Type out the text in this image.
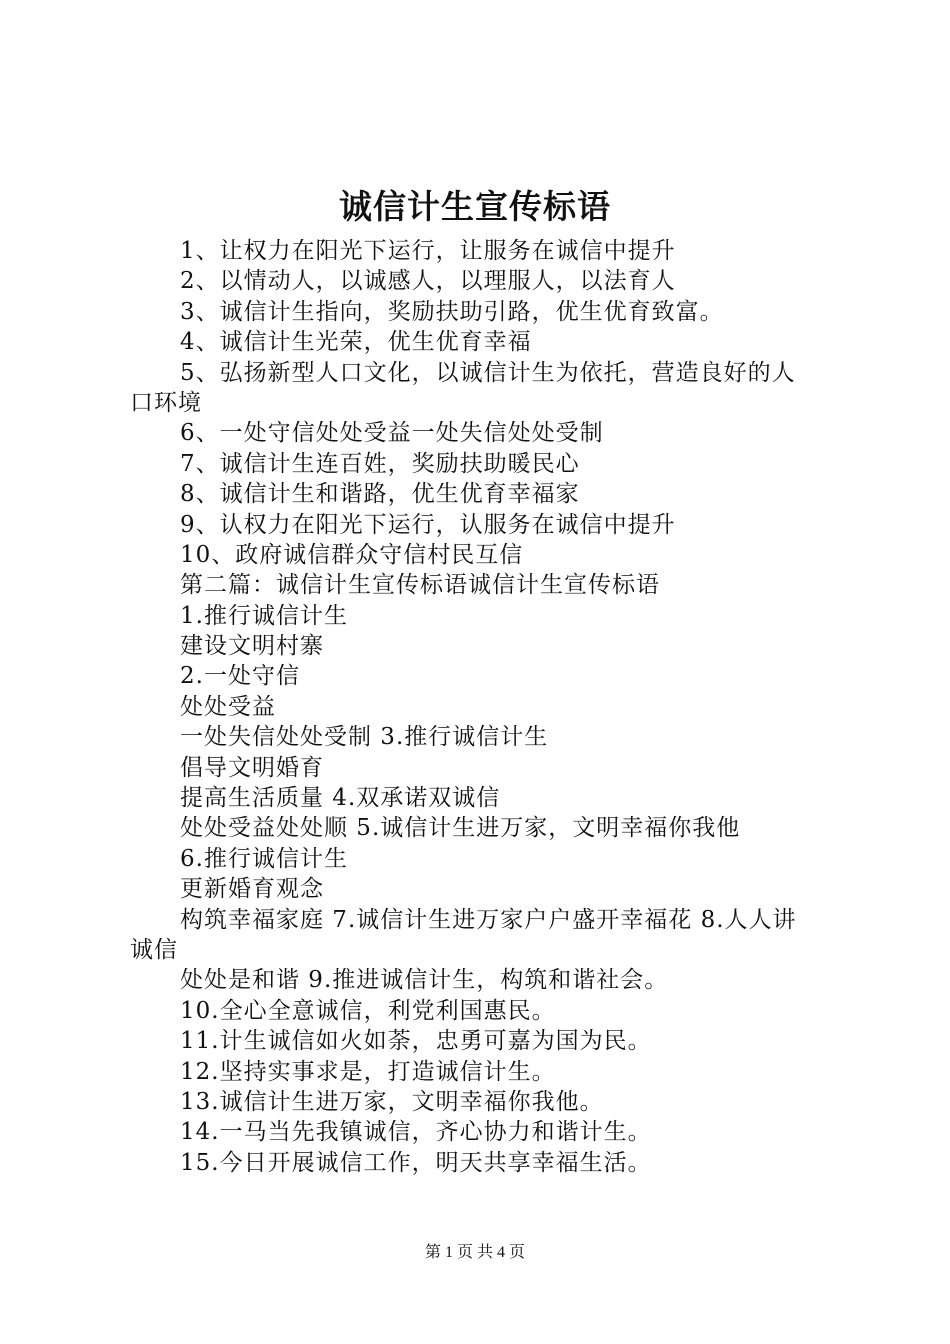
诚信计生宣传标语
1、让权力在阳光下运行，让服务在诚信中提升
2、以情动人，以诚感人，以理服人，以法育人
3、诚信计生指向，奖励扶助引路，优生优育致富。
4、诚信计生光荣，优生优育幸福
5、弘扬新型人口文化，以诚信计生为依托，营造良好的人
口环境
6、一处守信处处受益一处失信处处受制
7、诚信计生连百姓，奖励扶助暖民心
8、诚信计生和谐路，优生优育幸福家
9、认权力在阳光下运行，认服务在诚信中提升
10、政府诚信群众守信村民互信
第二篇：诚信计生宣传标语诚信计生宣传标语
1.推行诚信计生
建设文明村寨
2.一处守信
处处受益
一处失信处处受制 3.推行诚信计生
倡导文明婚育
提高生活质量 4.双承诺双诚信
处处受益处处顺 5.诚信计生进万家，文明幸福你我他
6.推行诚信计生
更新婚育观念
构筑幸福家庭 7.诚信计生进万家户户盛开幸福花 8.人人讲
诚信
处处是和谐 9.推进诚信计生，构筑和谐社会。
10.全心全意诚信，利党利国惠民。
11.计生诚信如火如荼，忠勇可嘉为国为民。
12.坚持实事求是，打造诚信计生。
13.诚信计生进万家，文明幸福你我他。
14.一马当先我镇诚信，齐心协力和谐计生。
15.今日开展诚信工作，明天共享幸福生活。
第 1 页 共 4 页
